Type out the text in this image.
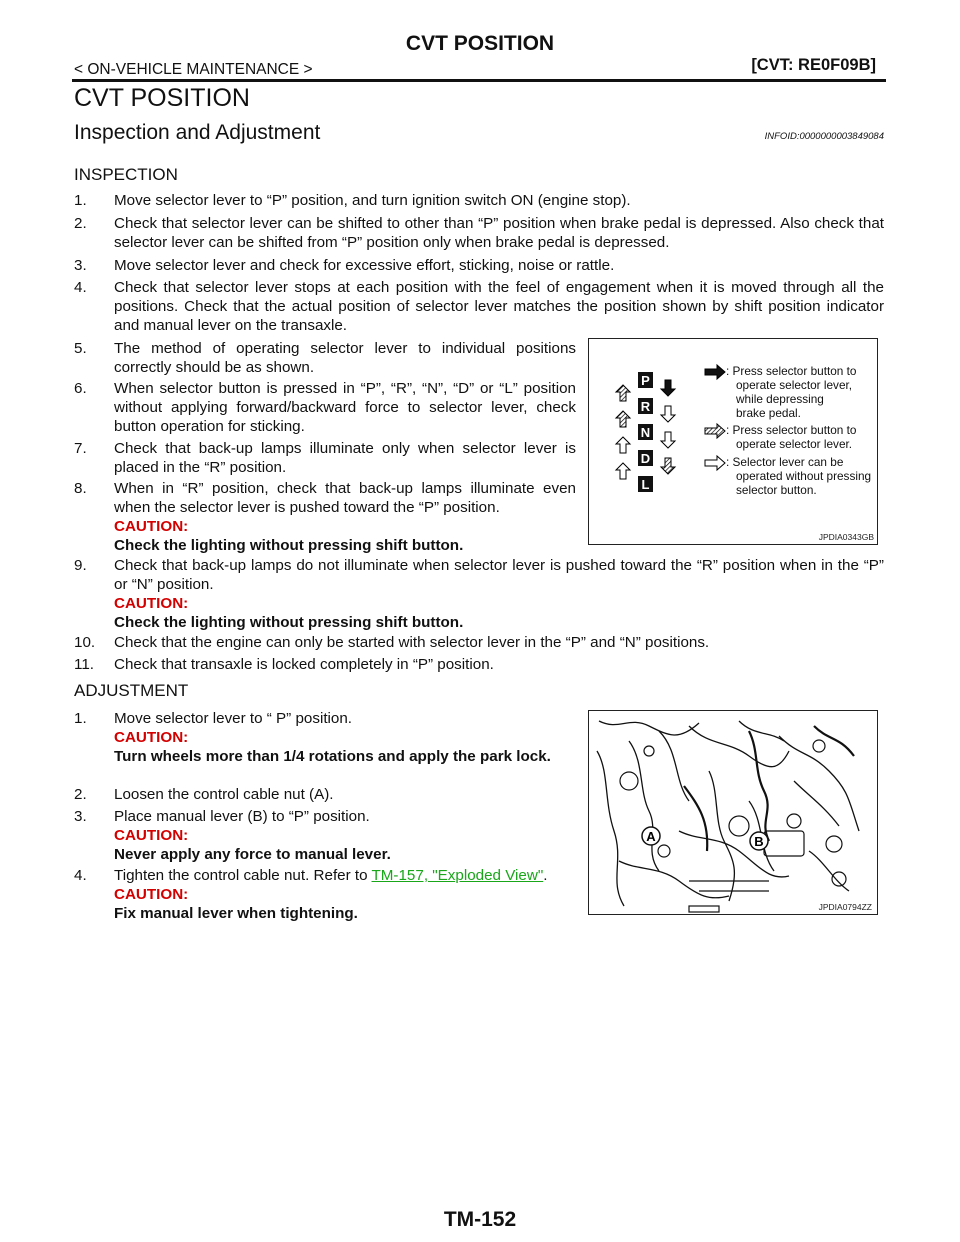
CVT POSITION
< ON-VEHICLE MAINTENANCE >	[CVT: RE0F09B]
CVT POSITION
Inspection and Adjustment	INFOID:0000000003849084
INSPECTION
1. Move selector lever to “P” position, and turn ignition switch ON (engine stop).
2. Check that selector lever can be shifted to other than “P” position when brake pedal is depressed. Also check that selector lever can be shifted from “P” position only when brake pedal is depressed.
3. Move selector lever and check for excessive effort, sticking, noise or rattle.
4. Check that selector lever stops at each position with the feel of engagement when it is moved through all the positions. Check that the actual position of selector lever matches the position shown by shift position indicator and manual lever on the transaxle.
5. The method of operating selector lever to individual positions correctly should be as shown.
6. When selector button is pressed in “P”, “R”, “N”, “D” or “L” position without applying forward/backward force to selector lever, check button operation for sticking.
7. Check that back-up lamps illuminate only when selector lever is placed in the “R” position.
8. When in “R” position, check that back-up lamps illuminate even when the selector lever is pushed toward the “P” position.
CAUTION:
Check the lighting without pressing shift button.
9. Check that back-up lamps do not illuminate when selector lever is pushed toward the “R” position when in the “P” or “N” position.
CAUTION:
Check the lighting without pressing shift button.
10. Check that the engine can only be started with selector lever in the “P” and “N” positions.
11. Check that transaxle is locked completely in “P” position.
ADJUSTMENT
1. Move selector lever to “ P” position.
CAUTION:
Turn wheels more than 1/4 rotations and apply the park lock.
2. Loosen the control cable nut (A).
3. Place manual lever (B) to “P” position.
CAUTION:
Never apply any force to manual lever.
4. Tighten the control cable nut. Refer to TM-157, "Exploded View".
CAUTION:
Fix manual lever when tightening.
P
R
N
D
L
: Press selector button to
operate selector lever,
while depressing
brake pedal.
: Press selector button to
operate selector lever.
: Selector lever can be
operated without pressing
selector button.
JPDIA0343GB
A	B
JPDIA0794ZZ
TM-152
